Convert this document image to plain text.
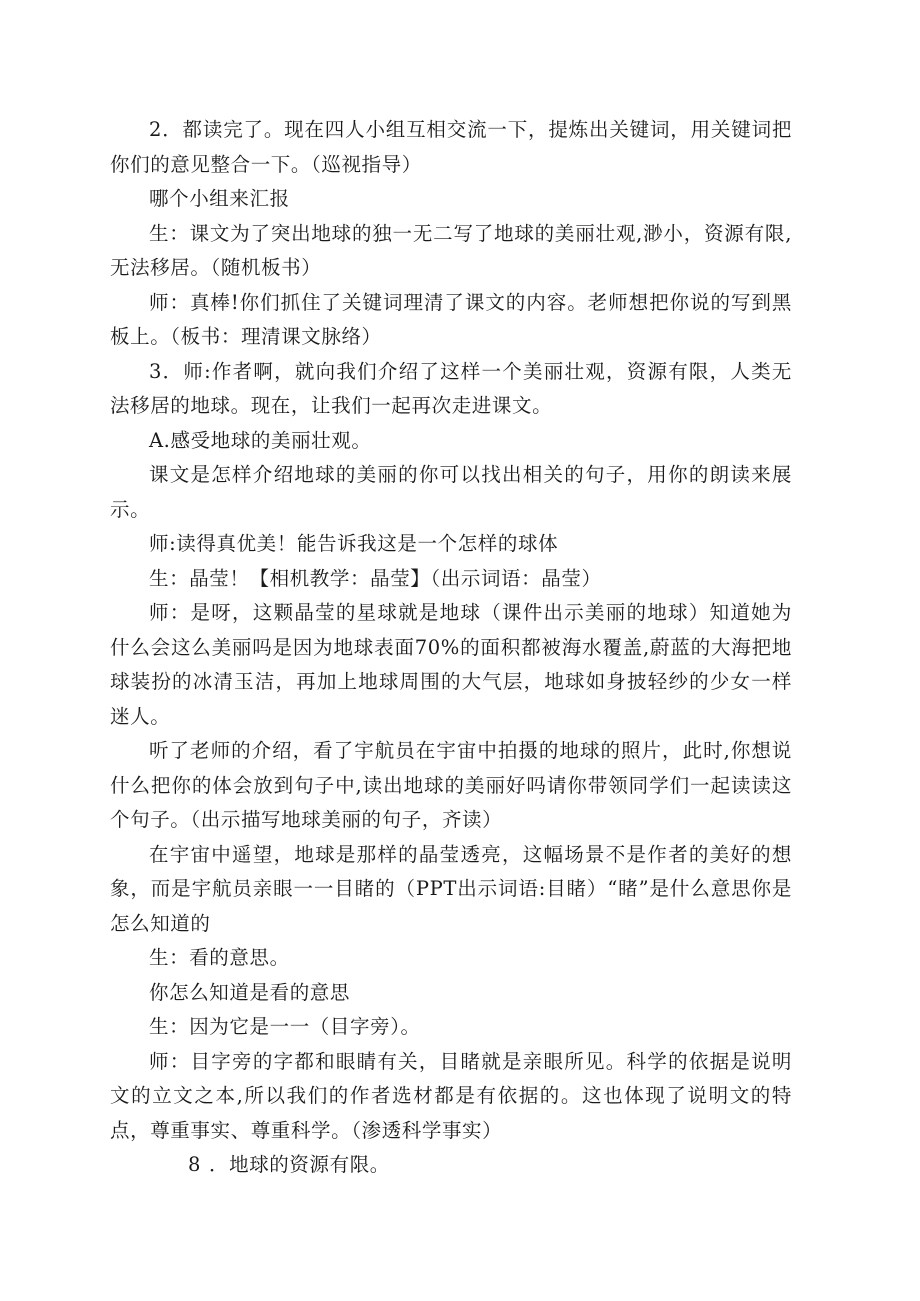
2．都读完了。现在四人小组互相交流一下，提炼出关键词，用关键词把你们的意见整合一下。（巡视指导）

哪个小组来汇报

生：课文为了突出地球的独一无二写了地球的美丽壮观,渺小，资源有限,无法移居。（随机板书）

师：真棒!你们抓住了关键词理清了课文的内容。老师想把你说的写到黑板上。（板书：理清课文脉络）

3．师:作者啊，就向我们介绍了这样一个美丽壮观，资源有限，人类无法移居的地球。现在，让我们一起再次走进课文。

A.感受地球的美丽壮观。

课文是怎样介绍地球的美丽的你可以找出相关的句子，用你的朗读来展示。

师:读得真优美！能告诉我这是一个怎样的球体

生：晶莹！【相机教学：晶莹】（出示词语：晶莹）

师：是呀，这颗晶莹的星球就是地球（课件出示美丽的地球）知道她为什么会这么美丽吗是因为地球表面70%的面积都被海水覆盖,蔚蓝的大海把地球装扮的冰清玉洁，再加上地球周围的大气层，地球如身披轻纱的少女一样迷人。

听了老师的介绍，看了宇航员在宇宙中拍摄的地球的照片，此时,你想说什么把你的体会放到句子中,读出地球的美丽好吗请你带领同学们一起读读这个句子。（出示描写地球美丽的句子，齐读）

在宇宙中遥望，地球是那样的晶莹透亮，这幅场景不是作者的美好的想象，而是宇航员亲眼一一目睹的（PPT出示词语:目睹）“睹”是什么意思你是怎么知道的

生：看的意思。

你怎么知道是看的意思

生：因为它是一一（目字旁）。

师：目字旁的字都和眼睛有关，目睹就是亲眼所见。科学的依据是说明文的立文之本,所以我们的作者选材都是有依据的。这也体现了说明文的特点，尊重事实、尊重科学。（渗透科学事实）

8 ．地球的资源有限。
